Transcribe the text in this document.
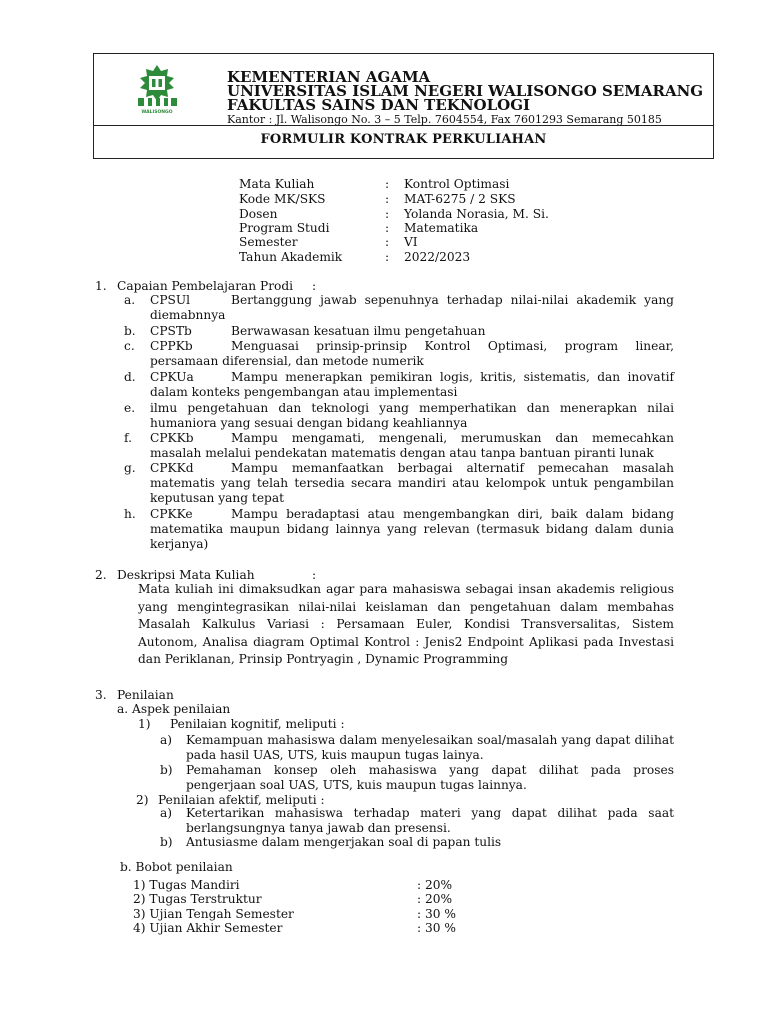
WALISONGO
KEMENTERIAN AGAMA
UNIVERSITAS ISLAM NEGERI WALISONGO SEMARANG
FAKULTAS SAINS DAN TEKNOLOGI
Kantor : Jl. Walisongo No. 3 – 5 Telp. 7604554, Fax 7601293 Semarang 50185
FORMULIR KONTRAK PERKULIAHAN
Mata Kuliah	: Kontrol Optimasi
Kode MK/SKS	: MAT-6275 / 2 SKS
Dosen	: Yolanda Norasia, M. Si.
Program Studi	: Matematika
Semester	: VI
Tahun Akademik	: 2022/2023
1. Capaian Pembelajaran Prodi :
a. CPSUl	Bertanggung jawab sepenuhnya terhadap nilai-nilai akademik yang diemabnnya
b. CPSTb	Berwawasan kesatuan ilmu pengetahuan
c. CPPKb	Menguasai prinsip-prinsip Kontrol Optimasi, program linear, persamaan diferensial, dan metode numerik
d. CPKUa	Mampu menerapkan pemikiran logis, kritis, sistematis, dan inovatif dalam konteks pengembangan atau implementasi
e. ilmu pengetahuan dan teknologi yang memperhatikan dan menerapkan nilai humaniora yang sesuai dengan bidang keahliannya
f. CPKKb	Mampu mengamati, mengenali, merumuskan dan memecahkan masalah melalui pendekatan matematis dengan atau tanpa bantuan piranti lunak
g. CPKKd	Mampu memanfaatkan berbagai alternatif pemecahan masalah matematis yang telah tersedia secara mandiri atau kelompok untuk pengambilan keputusan yang tepat
h. CPKKe	Mampu beradaptasi atau mengembangkan diri, baik dalam bidang matematika maupun bidang lainnya yang relevan (termasuk bidang dalam dunia kerjanya)
2. Deskripsi Mata Kuliah	:
Mata kuliah ini dimaksudkan agar para mahasiswa sebagai insan akademis religious yang mengintegrasikan nilai-nilai keislaman dan pengetahuan dalam membahas Masalah Kalkulus Variasi : Persamaan Euler, Kondisi Transversalitas, Sistem Autonom, Analisa diagram Optimal Kontrol : Jenis2 Endpoint Aplikasi pada Investasi dan Periklanan, Prinsip Pontryagin , Dynamic Programming
3. Penilaian
a. Aspek penilaian
1) Penilaian kognitif, meliputi :
a) Kemampuan mahasiswa dalam menyelesaikan soal/masalah yang dapat dilihat pada hasil UAS, UTS, kuis maupun tugas lainya.
b) Pemahaman konsep oleh mahasiswa yang dapat dilihat pada proses pengerjaan soal UAS, UTS, kuis maupun tugas lainnya.
2) Penilaian afektif, meliputi :
a) Ketertarikan mahasiswa terhadap materi yang dapat dilihat pada saat berlangsungnya tanya jawab dan presensi.
b) Antusiasme dalam mengerjakan soal di papan tulis
b. Bobot penilaian
1) Tugas Mandiri	: 20%
2) Tugas Terstruktur	: 20%
3) Ujian Tengah Semester	: 30 %
4) Ujian Akhir Semester	: 30 %
